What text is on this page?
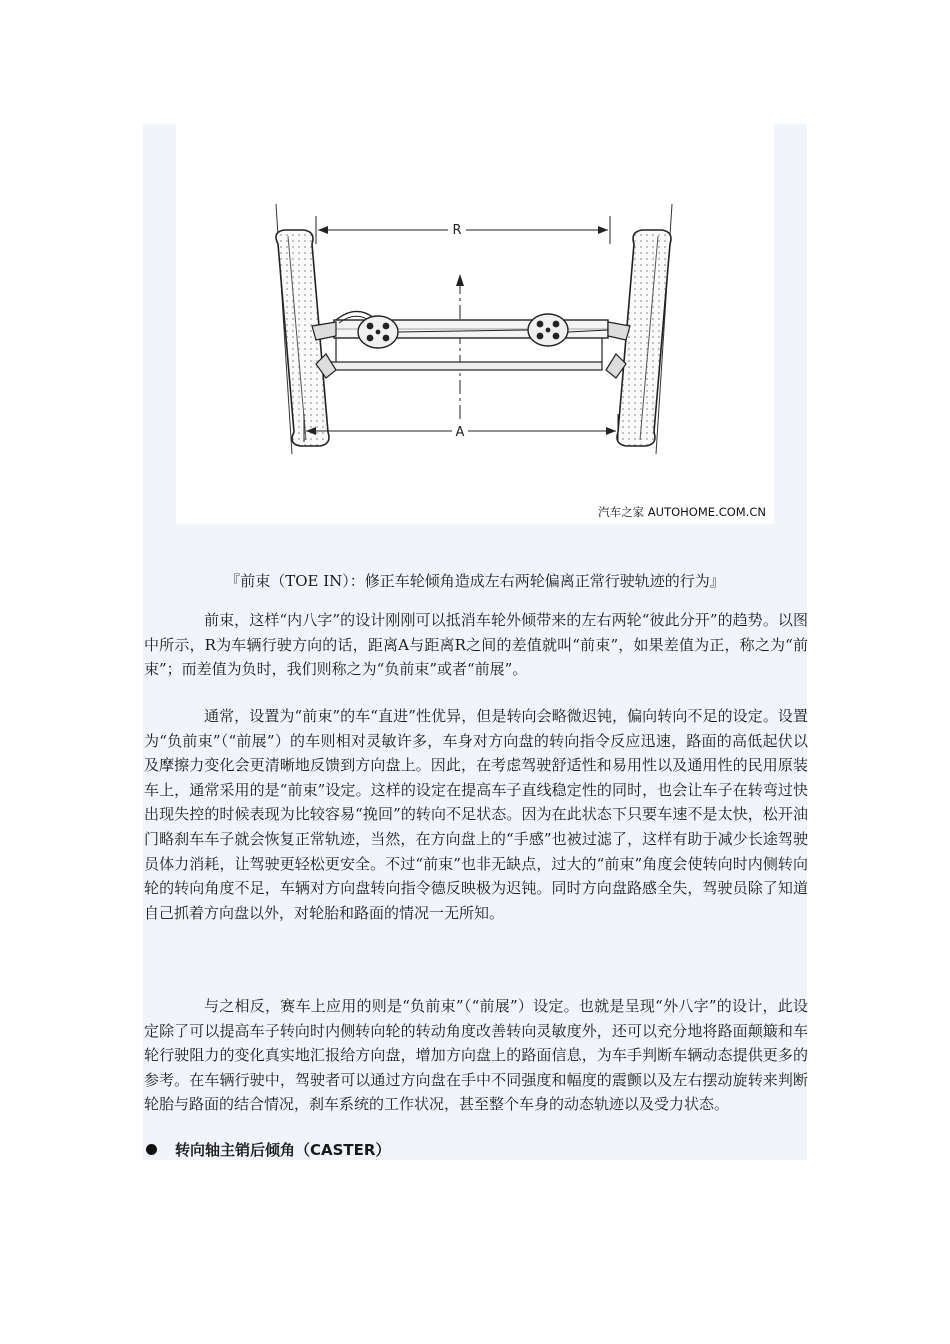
R
A
汽车之家 AUTOHOME.COM.CN
『前束（TOE IN）：修正车轮倾角造成左右两轮偏离正常行驶轨迹的行为』

前束，这样“内八字”的设计刚刚可以抵消车轮外倾带来的左右两轮“彼此分开”的趋势。以图中所示，R为车辆行驶方向的话，距离A与距离R之间的差值就叫“前束”，如果差值为正，称之为“前束”；而差值为负时，我们则称之为“负前束”或者“前展”。

通常，设置为“前束”的车“直进”性优异，但是转向会略微迟钝，偏向转向不足的设定。设置为“负前束”（“前展”）的车则相对灵敏许多，车身对方向盘的转向指令反应迅速，路面的高低起伏以及摩擦力变化会更清晰地反馈到方向盘上。因此，在考虑驾驶舒适性和易用性以及通用性的民用原装车上，通常采用的是“前束”设定。这样的设定在提高车子直线稳定性的同时，也会让车子在转弯过快出现失控的时候表现为比较容易“挽回”的转向不足状态。因为在此状态下只要车速不是太快，松开油门略刹车车子就会恢复正常轨迹，当然，在方向盘上的“手感”也被过滤了，这样有助于减少长途驾驶员体力消耗，让驾驶更轻松更安全。不过“前束”也非无缺点，过大的“前束”角度会使转向时内侧转向轮的转向角度不足，车辆对方向盘转向指令德反映极为迟钝。同时方向盘路感全失，驾驶员除了知道自己抓着方向盘以外，对轮胎和路面的情况一无所知。

与之相反，赛车上应用的则是“负前束”（“前展”）设定。也就是呈现“外八字”的设计，此设定除了可以提高车子转向时内侧转向轮的转动角度改善转向灵敏度外，还可以充分地将路面颠簸和车轮行驶阻力的变化真实地汇报给方向盘，增加方向盘上的路面信息，为车手判断车辆动态提供更多的参考。在车辆行驶中，驾驶者可以通过方向盘在手中不同强度和幅度的震颤以及左右摆动旋转来判断轮胎与路面的结合情况，刹车系统的工作状况，甚至整个车身的动态轨迹以及受力状态。

转向轴主销后倾角（CASTER）
